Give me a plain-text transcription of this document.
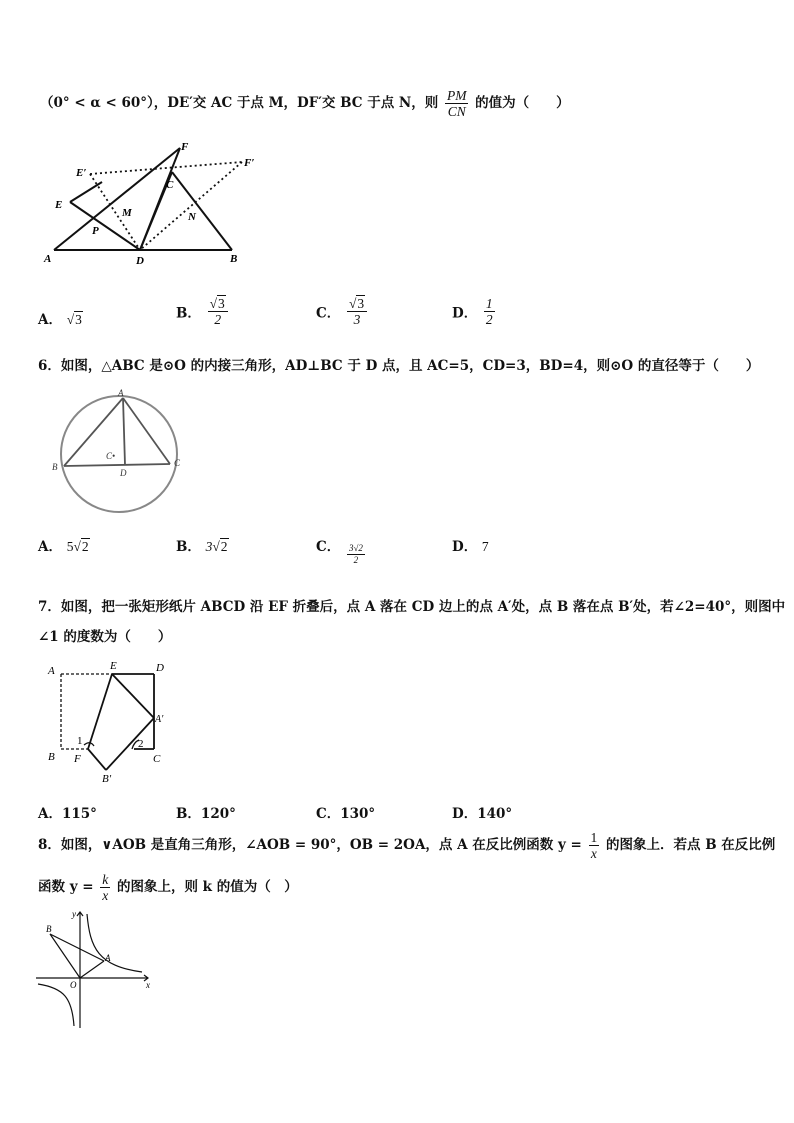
（0° < α < 60°），DE′交 AC 于点 M，DF′交 BC 于点 N，则 $\frac{PM}{CN}$ 的值为（　　）
A	D	B
E
E′
F
F′
C
M	N
P
A． √3	B． $\frac{√3}{2}$	C． $\frac{√3}{3}$	D． $\frac{1}{2}$
6．如图，△ABC 是⊙O 的内接三角形，AD⊥BC 于 D 点，且 AC=5，CD=3，BD=4，则⊙O 的直径等于（　　）
A
B	C
D
C•
A． 5√2	B． 3√2	C． $\frac{3√2}{2}$	D． 7
7．如图，把一张矩形纸片 ABCD 沿 EF 折叠后，点 A 落在 CD 边上的点 A′处，点 B 落在点 B′处，若∠2=40°，则图中
∠1 的度数为（　　）
A	E	D
A′
B F	C
B′
1	2
A．115°	B．120°	C．130°	D．140°
8．如图，∨AOB 是直角三角形，∠AOB = 90°，OB = 2OA，点 A 在反比例函数 $y = \frac{1}{x}$ 的图象上．若点 B 在反比例
函数 $y = \frac{k}{x}$ 的图象上，则 k 的值为（　）
B
A
O	x
y
